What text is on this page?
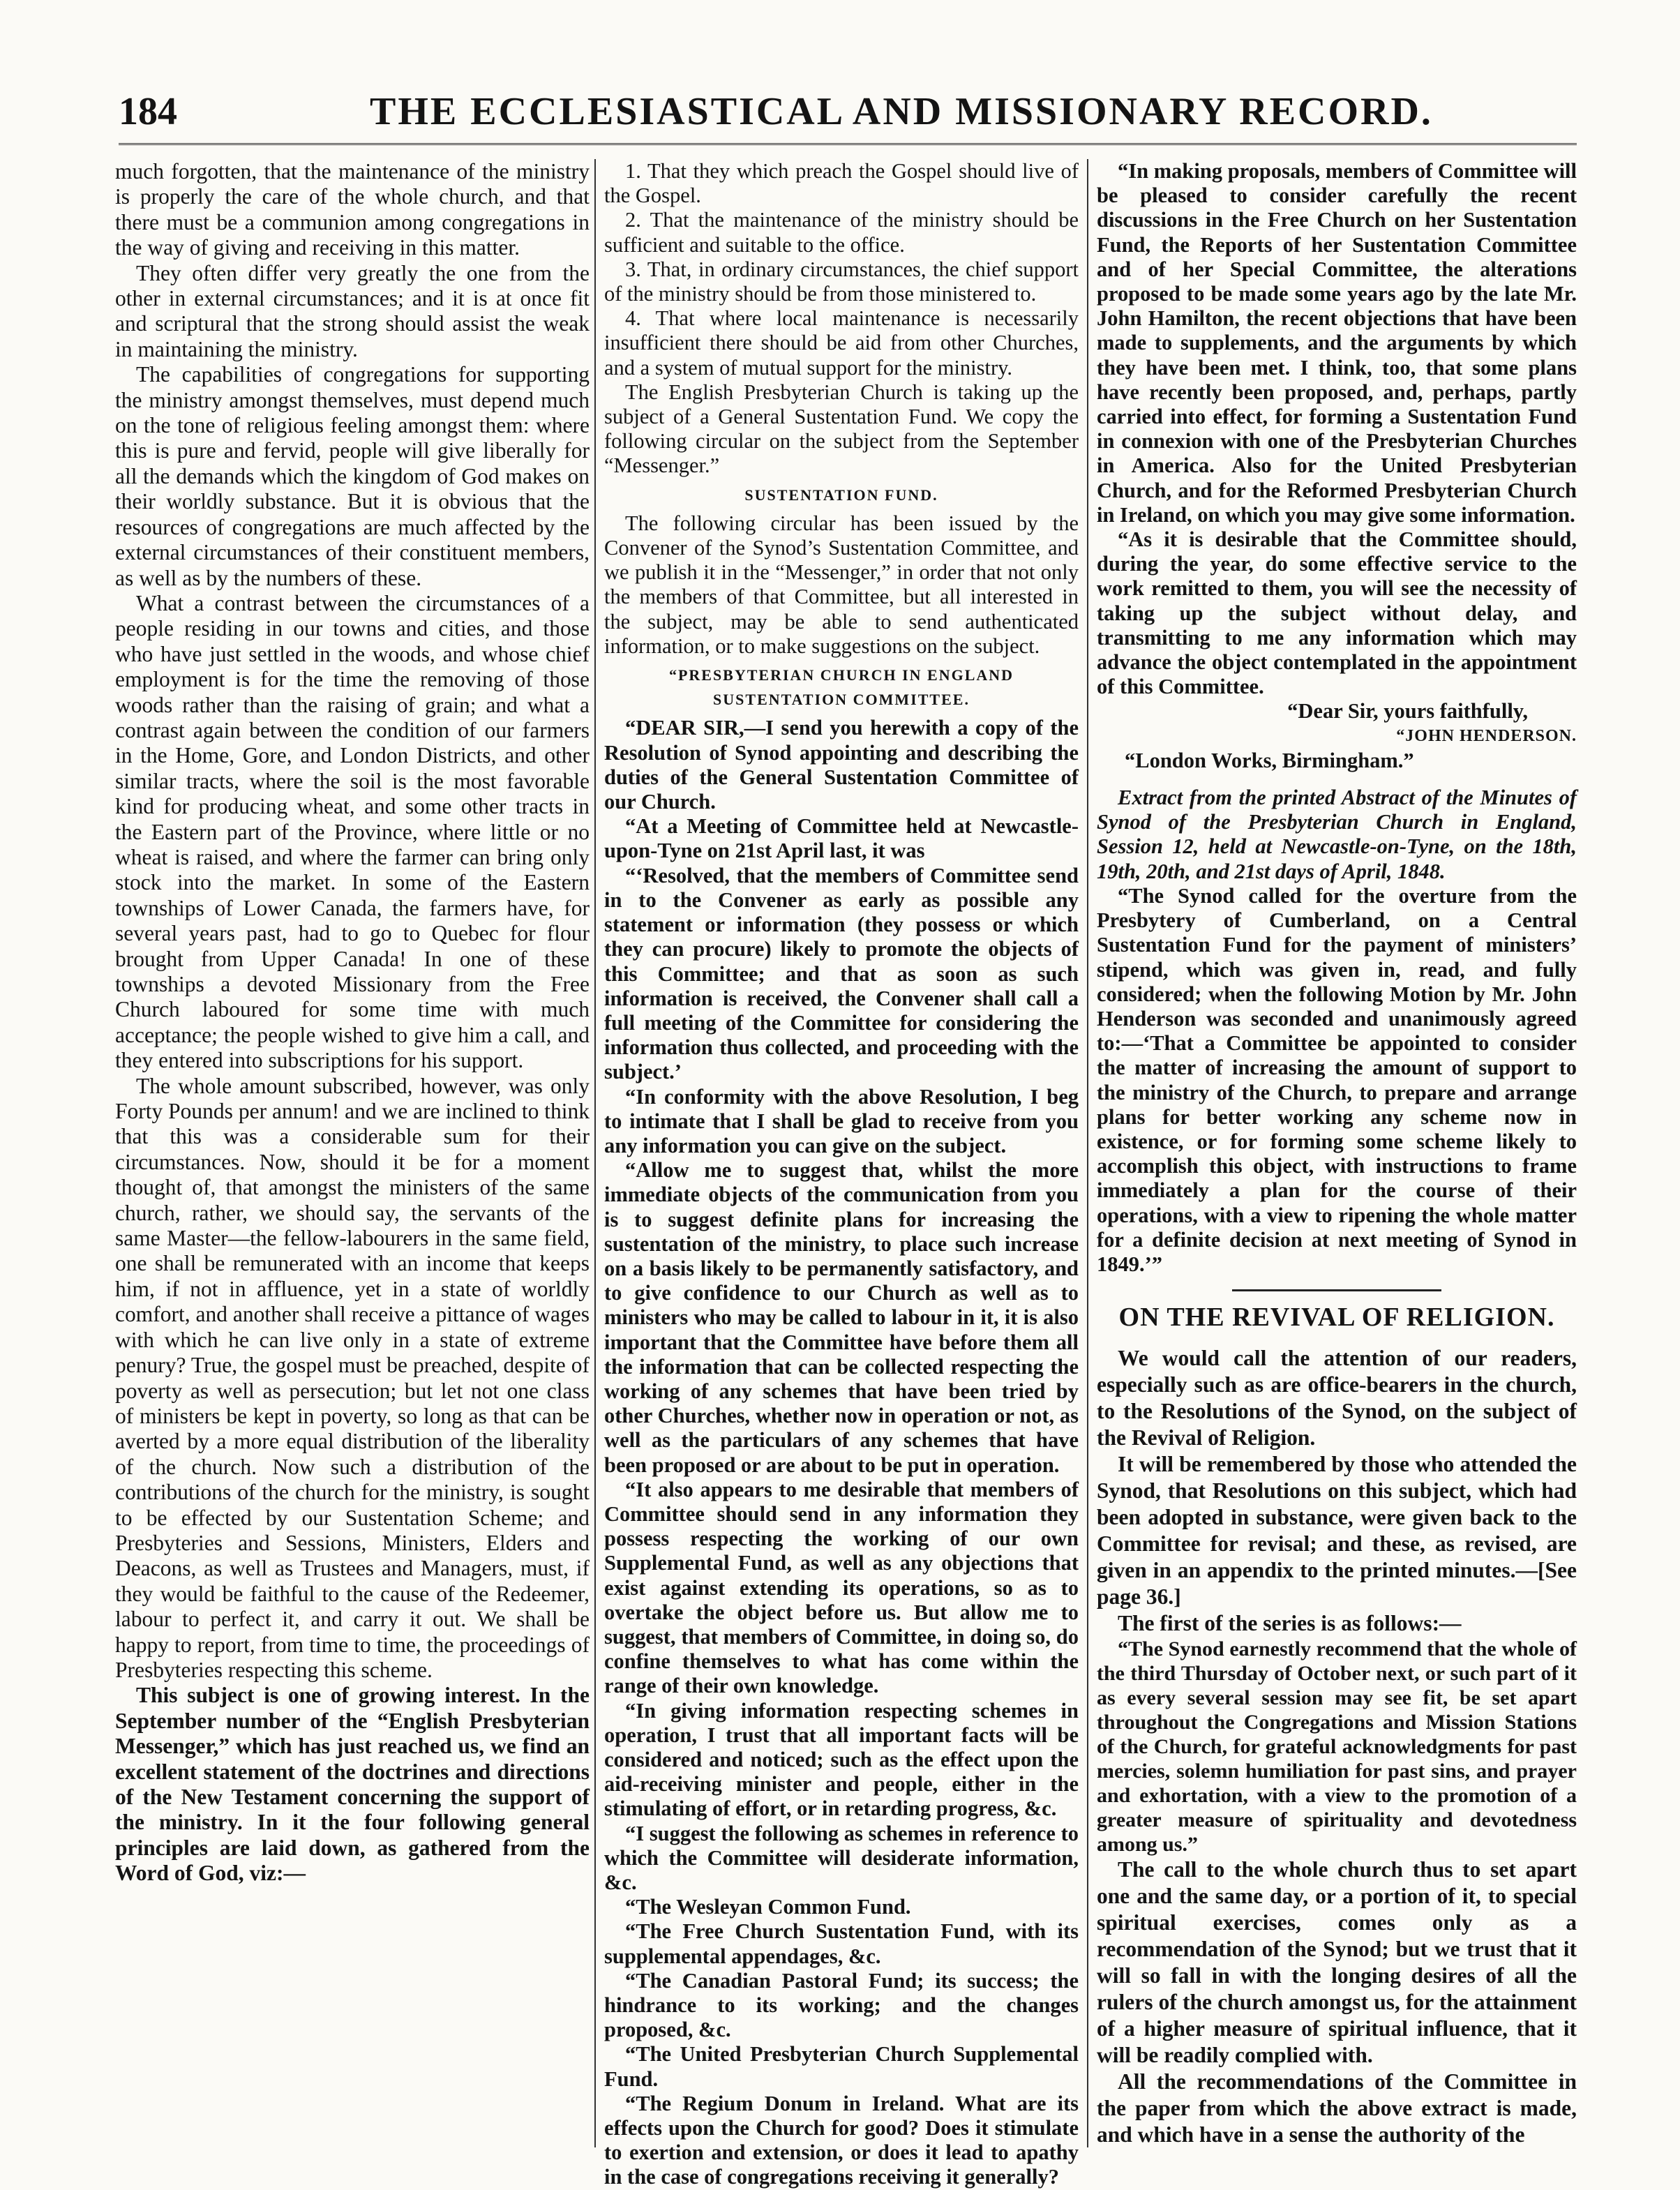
184	THE ECCLESIASTICAL AND MISSIONARY RECORD.

much forgotten, that the maintenance of the ministry is properly the care of the whole church, and that there must be a communion among congregations in the way of giving and receiving in this matter.

They often differ very greatly the one from the other in external circumstances; and it is at once fit and scriptural that the strong should assist the weak in maintaining the ministry.

The capabilities of congregations for supporting the ministry amongst themselves, must depend much on the tone of religious feeling amongst them: where this is pure and fervid, people will give liberally for all the demands which the kingdom of God makes on their worldly substance. But it is obvious that the resources of congregations are much affected by the external circumstances of their constituent members, as well as by the numbers of these.

What a contrast between the circumstances of a people residing in our towns and cities, and those who have just settled in the woods, and whose chief employment is for the time the removing of those woods rather than the raising of grain; and what a contrast again between the condition of our farmers in the Home, Gore, and London Districts, and other similar tracts, where the soil is the most favorable kind for producing wheat, and some other tracts in the Eastern part of the Province, where little or no wheat is raised, and where the farmer can bring only stock into the market. In some of the Eastern townships of Lower Canada, the farmers have, for several years past, had to go to Quebec for flour brought from Upper Canada! In one of these townships a devoted Missionary from the Free Church laboured for some time with much acceptance; the people wished to give him a call, and they entered into subscriptions for his support.

The whole amount subscribed, however, was only Forty Pounds per annum! and we are inclined to think that this was a considerable sum for their circumstances. Now, should it be for a moment thought of, that amongst the ministers of the same church, rather, we should say, the servants of the same Master—the fellow-labourers in the same field, one shall be remunerated with an income that keeps him, if not in affluence, yet in a state of worldly comfort, and another shall receive a pittance of wages with which he can live only in a state of extreme penury? True, the gospel must be preached, despite of poverty as well as persecution; but let not one class of ministers be kept in poverty, so long as that can be averted by a more equal distribution of the liberality of the church. Now such a distribution of the contributions of the church for the ministry, is sought to be effected by our Sustentation Scheme; and Presbyteries and Sessions, Ministers, Elders and Deacons, as well as Trustees and Managers, must, if they would be faithful to the cause of the Redeemer, labour to perfect it, and carry it out. We shall be happy to report, from time to time, the proceedings of Presbyteries respecting this scheme.

This subject is one of growing interest. In the September number of the “English Presbyterian Messenger,” which has just reached us, we find an excellent statement of the doctrines and directions of the New Testament concerning the support of the ministry. In it the four following general principles are laid down, as gathered from the Word of God, viz:—

1. That they which preach the Gospel should live of the Gospel.

2. That the maintenance of the ministry should be sufficient and suitable to the office.

3. That, in ordinary circumstances, the chief support of the ministry should be from those ministered to.

4. That where local maintenance is necessarily insufficient there should be aid from other Churches, and a system of mutual support for the ministry.

The English Presbyterian Church is taking up the subject of a General Sustentation Fund. We copy the following circular on the subject from the September “Messenger.”

SUSTENTATION FUND.

The following circular has been issued by the Convener of the Synod’s Sustentation Committee, and we publish it in the “Messenger,” in order that not only the members of that Committee, but all interested in the subject, may be able to send authenticated information, or to make suggestions on the subject.

“PRESBYTERIAN CHURCH IN ENGLAND SUSTENTATION COMMITTEE.

“DEAR SIR,—I send you herewith a copy of the Resolution of Synod appointing and describing the duties of the General Sustentation Committee of our Church.

“At a Meeting of Committee held at Newcastle-upon-Tyne on 21st April last, it was

“‘Resolved, that the members of Committee send in to the Convener as early as possible any statement or information (they possess or which they can procure) likely to promote the objects of this Committee; and that as soon as such information is received, the Convener shall call a full meeting of the Committee for considering the information thus collected, and proceeding with the subject.’

“In conformity with the above Resolution, I beg to intimate that I shall be glad to receive from you any information you can give on the subject.

“Allow me to suggest that, whilst the more immediate objects of the communication from you is to suggest definite plans for increasing the sustentation of the ministry, to place such increase on a basis likely to be permanently satisfactory, and to give confidence to our Church as well as to ministers who may be called to labour in it, it is also important that the Committee have before them all the information that can be collected respecting the working of any schemes that have been tried by other Churches, whether now in operation or not, as well as the particulars of any schemes that have been proposed or are about to be put in operation.

“It also appears to me desirable that members of Committee should send in any information they possess respecting the working of our own Supplemental Fund, as well as any objections that exist against extending its operations, so as to overtake the object before us. But allow me to suggest, that members of Committee, in doing so, do confine themselves to what has come within the range of their own knowledge.

“In giving information respecting schemes in operation, I trust that all important facts will be considered and noticed; such as the effect upon the aid-receiving minister and people, either in the stimulating of effort, or in retarding progress, &c.

“I suggest the following as schemes in reference to which the Committee will desiderate information, &c.

“The Wesleyan Common Fund.

“The Free Church Sustentation Fund, with its supplemental appendages, &c.

“The Canadian Pastoral Fund; its success; the hindrance to its working; and the changes proposed, &c.

“The United Presbyterian Church Supplemental Fund.

“The Regium Donum in Ireland. What are its effects upon the Church for good? Does it stimulate to exertion and extension, or does it lead to apathy in the case of congregations receiving it generally?

“In making proposals, members of Committee will be pleased to consider carefully the recent discussions in the Free Church on her Sustentation Fund, the Reports of her Sustentation Committee and of her Special Committee, the alterations proposed to be made some years ago by the late Mr. John Hamilton, the recent objections that have been made to supplements, and the arguments by which they have been met. I think, too, that some plans have recently been proposed, and, perhaps, partly carried into effect, for forming a Sustentation Fund in connexion with one of the Presbyterian Churches in America. Also for the United Presbyterian Church, and for the Reformed Presbyterian Church in Ireland, on which you may give some information.

“As it is desirable that the Committee should, during the year, do some effective service to the work remitted to them, you will see the necessity of taking up the subject without delay, and transmitting to me any information which may advance the object contemplated in the appointment of this Committee.

“Dear Sir, yours faithfully,

“JOHN HENDERSON.

“London Works, Birmingham.”

Extract from the printed Abstract of the Minutes of Synod of the Presbyterian Church in England, Session 12, held at Newcastle-on-Tyne, on the 18th, 19th, 20th, and 21st days of April, 1848.

“The Synod called for the overture from the Presbytery of Cumberland, on a Central Sustentation Fund for the payment of ministers’ stipend, which was given in, read, and fully considered; when the following Motion by Mr. John Henderson was seconded and unanimously agreed to:—‘That a Committee be appointed to consider the matter of increasing the amount of support to the ministry of the Church, to prepare and arrange plans for better working any scheme now in existence, or for forming some scheme likely to accomplish this object, with instructions to frame immediately a plan for the course of their operations, with a view to ripening the whole matter for a definite decision at next meeting of Synod in 1849.’”

ON THE REVIVAL OF RELIGION.

We would call the attention of our readers, especially such as are office-bearers in the church, to the Resolutions of the Synod, on the subject of the Revival of Religion.

It will be remembered by those who attended the Synod, that Resolutions on this subject, which had been adopted in substance, were given back to the Committee for revisal; and these, as revised, are given in an appendix to the printed minutes.—[See page 36.]

The first of the series is as follows:—

“The Synod earnestly recommend that the whole of the third Thursday of October next, or such part of it as every several session may see fit, be set apart throughout the Congregations and Mission Stations of the Church, for grateful acknowledgments for past mercies, solemn humiliation for past sins, and prayer and exhortation, with a view to the promotion of a greater measure of spirituality and devotedness among us.”

The call to the whole church thus to set apart one and the same day, or a portion of it, to special spiritual exercises, comes only as a recommendation of the Synod; but we trust that it will so fall in with the longing desires of all the rulers of the church amongst us, for the attainment of a higher measure of spiritual influence, that it will be readily complied with.

All the recommendations of the Committee in the paper from which the above extract is made, and which have in a sense the authority of the
